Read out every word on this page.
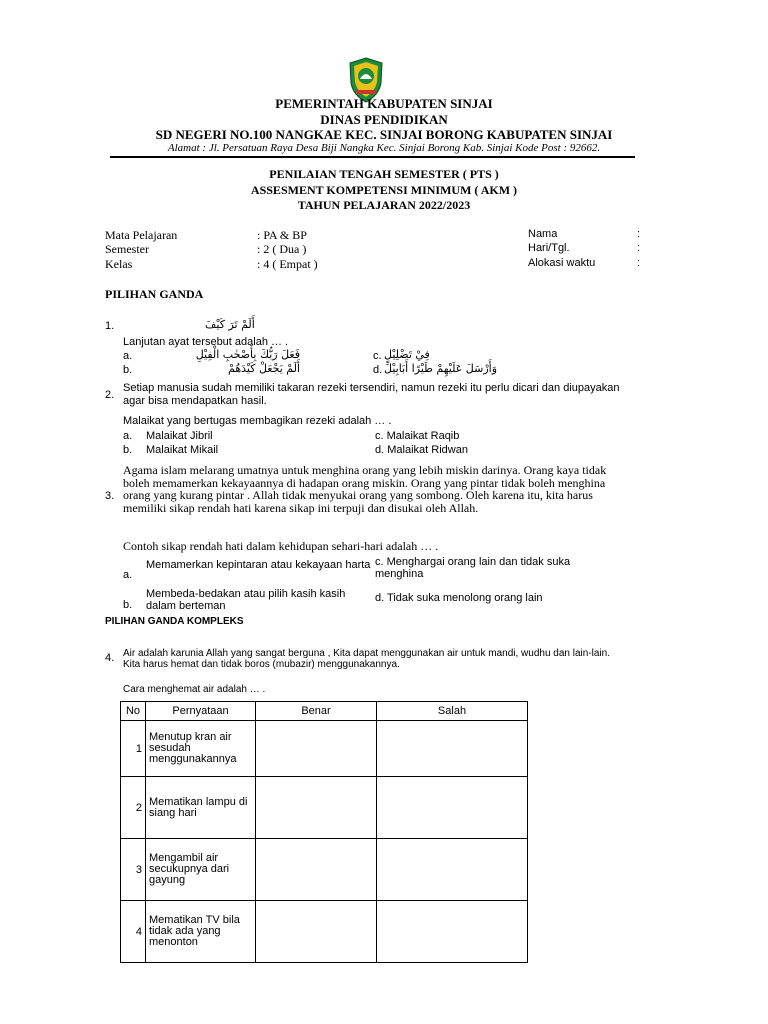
PEMERINTAH KABUPATEN SINJAI
DINAS PENDIDIKAN
SD NEGERI NO.100 NANGKAE KEC. SINJAI BORONG KABUPATEN SINJAI
Alamat : Jl. Persatuan Raya Desa Biji Nangka Kec. Sinjai Borong Kab. Sinjai Kode Post : 92662.
PENILAIAN TENGAH SEMESTER ( PTS )
ASSESMENT KOMPETENSI MINIMUM ( AKM )
TAHUN PELAJARAN 2022/2023
Mata Pelajaran	: PA & BP
Semester	: 2 ( Dua )
Kelas	: 4 ( Empat )
Nama	:
Hari/Tgl.	:
Alokasi waktu	:
PILIHAN GANDA
1.	أَلَمْ تَرَ كَيْفَ
Lanjutan ayat tersebut adalah … .
a.	فَعَلَ رَبُّكَ بِأَصْحٰبِ الْفِيْلِ
b.	أَلَمْ يَجْعَلْ كَيْدَهُمْ
c. فِيْ تَضْلِيْلٍ
d. وَأَرْسَلَ عَلَيْهِمْ طَيْرًا أَبَابِيْلَ
2.
Setiap manusia sudah memiliki takaran rezeki tersendiri, namun rezeki itu perlu dicari dan diupayakan agar bisa mendapatkan hasil.
Malaikat yang bertugas membagikan rezeki adalah … .
a. Malaikat Jibril
b. Malaikat Mikail
c. Malaikat Raqib
d. Malaikat Ridwan
3.
Agama islam melarang umatnya untuk menghina orang yang lebih miskin darinya. Orang kaya tidak boleh memamerkan kekayaannya di hadapan orang miskin. Orang yang pintar tidak boleh menghina orang yang kurang pintar . Allah tidak menyukai orang yang sombong. Oleh karena itu, kita harus memiliki sikap rendah hati karena sikap ini terpuji dan disukai oleh Allah.
Contoh sikap rendah hati dalam kehidupan sehari-hari adalah … .
a.
Memamerkan kepintaran atau kekayaan harta
b.
Membeda-bedakan atau pilih kasih kasih dalam berteman
c. Menghargai orang lain dan tidak suka menghina
d. Tidak suka menolong orang lain
PILIHAN GANDA KOMPLEKS
4. Air adalah karunia Allah yang sangat berguna , Kita dapat menggunakan air untuk mandi, wudhu dan lain-lain. Kita harus hemat dan tidak boros (mubazir) menggunakannya.
Cara menghemat air adalah … .
No	Pernyataan	Benar	Salah
1	Menutup kran air sesudah menggunakannya		
2	Mematikan lampu di siang hari		
3	Mengambil air secukupnya dari gayung		
4	Mematikan TV bila tidak ada yang menonton		
